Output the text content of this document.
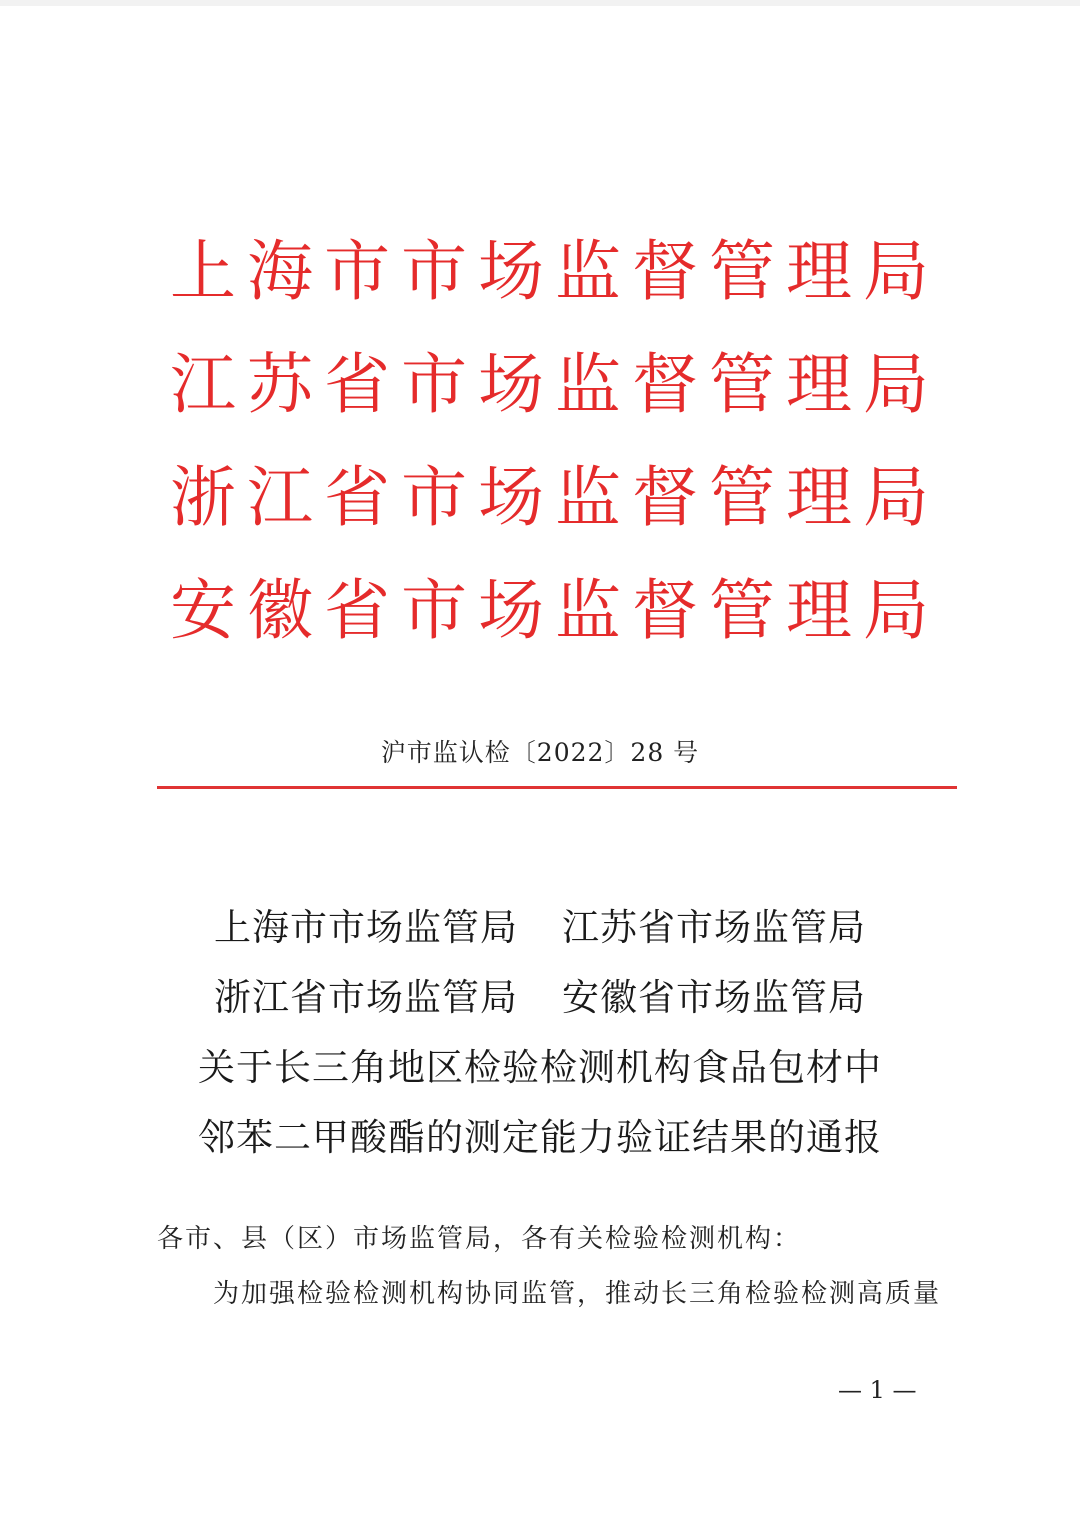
上海市市场监督管理局
江苏省市场监督管理局
浙江省市场监督管理局
安徽省市场监督管理局
沪市监认检〔2022〕28 号
上海市市场监管局 江苏省市场监管局
浙江省市场监管局 安徽省市场监管局
关于长三角地区检验检测机构食品包材中
邻苯二甲酸酯的测定能力验证结果的通报
各市、县（区）市场监管局，各有关检验检测机构：
为加强检验检测机构协同监管，推动长三角检验检测高质量
— 1 —
